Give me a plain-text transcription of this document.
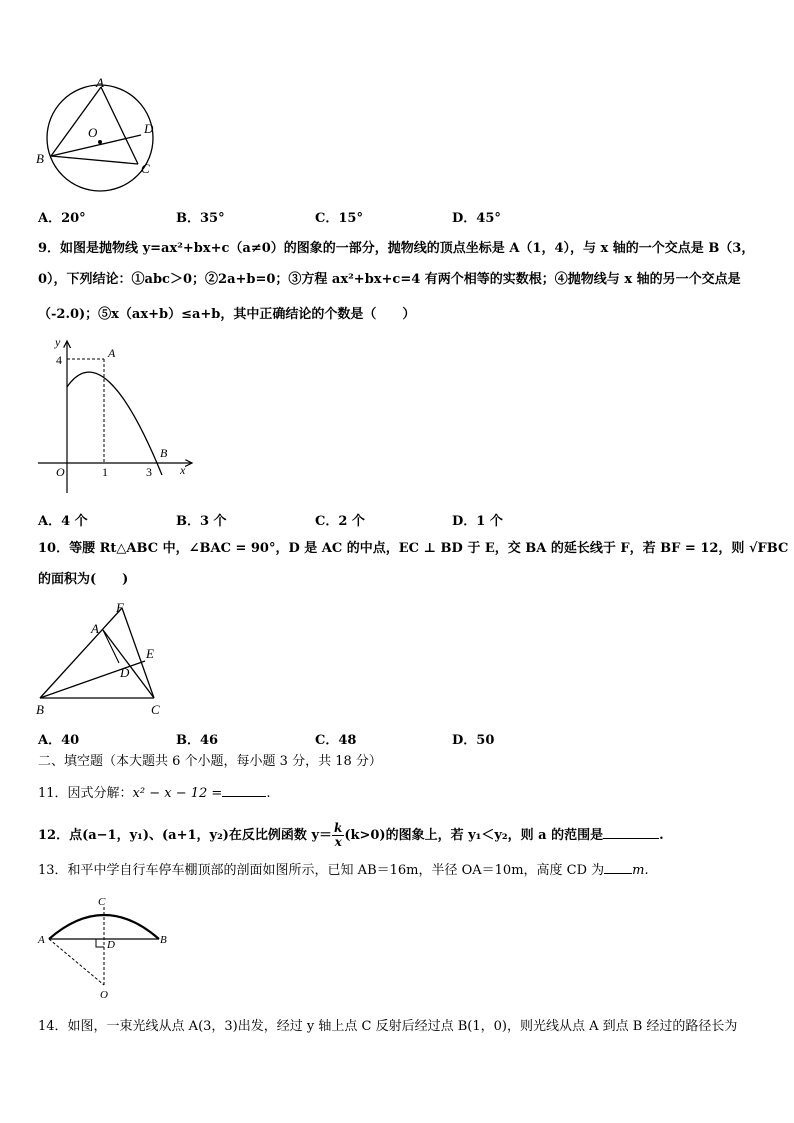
A
O	D
B
C
A．20°	B．35°	C．15°	D．45°
9．如图是抛物线 y=ax²+bx+c（a≠0）的图象的一部分，抛物线的顶点坐标是 A（1，4），与 x 轴的一个交点是 B（3，
0），下列结论：①abc＞0；②2a+b=0；③方程 ax²+bx+c=4 有两个相等的实数根；④抛物线与 x 轴的另一个交点是
（-2.0)；⑤x（ax+b）≤a+b，其中正确结论的个数是（　　）
y
4	A
B
O	1	3 x
A．4 个	B．3 个	C．2 个	D．1 个
10．等腰 Rt△ABC 中，∠BAC = 90°，D 是 AC 的中点，EC ⊥ BD 于 E，交 BA 的延长线于 F，若 BF = 12，则 √FBC
的面积为(　　)
F
A
E
D
B	C
A．40	B．46	C．48	D．50
二、填空题（本大题共 6 个小题，每小题 3 分，共 18 分）
11．因式分解：x² − x − 12 =	.
12．点(a−1，y₁)、(a+1，y₂)在反比例函数 $y= \frac{k}{x} (k>0)$的图象上，若 y₁＜y₂，则 a 的范围是	.
13．和平中学自行车停车棚顶部的剖面如图所示，已知 AB＝16m，半径 OA＝10m，高度 CD 为 m.
C
A	D	B
O
14．如图，一束光线从点 A(3，3)出发，经过 y 轴上点 C 反射后经过点 B(1，0)，则光线从点 A 到点 B 经过的路径长为
